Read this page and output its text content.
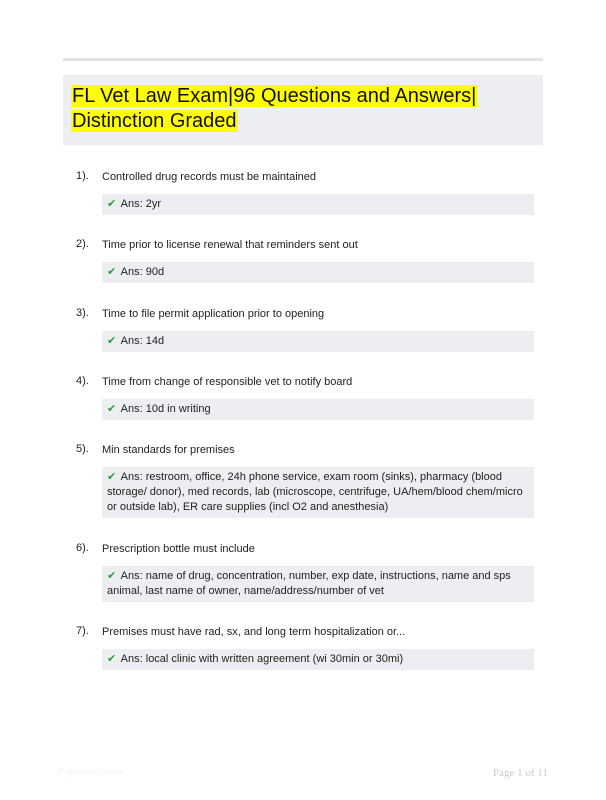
FL Vet Law Exam|96 Questions and Answers| Distinction Graded
1). Controlled drug records must be maintained
✔ Ans: 2yr
2). Time prior to license renewal that reminders sent out
✔ Ans: 90d
3). Time to file permit application prior to opening
✔ Ans: 14d
4). Time from change of responsible vet to notify board
✔ Ans: 10d in writing
5). Min standards for premises
✔ Ans: restroom, office, 24h phone service, exam room (sinks), pharmacy (blood storage/ donor), med records, lab (microscope, centrifuge, UA/hem/blood chem/micro or outside lab), ER care supplies (incl O2 and anesthesia)
6). Prescription bottle must include
✔ Ans: name of drug, concentration, number, exp date, instructions, name and sps animal, last name of owner, name/address/number of vet
7). Premises must have rad, sx, and long term hospitalization or...
✔ Ans: local clinic with written agreement (wi 30min or 30mi)
Paperlibic.com	Page 1 of 11
